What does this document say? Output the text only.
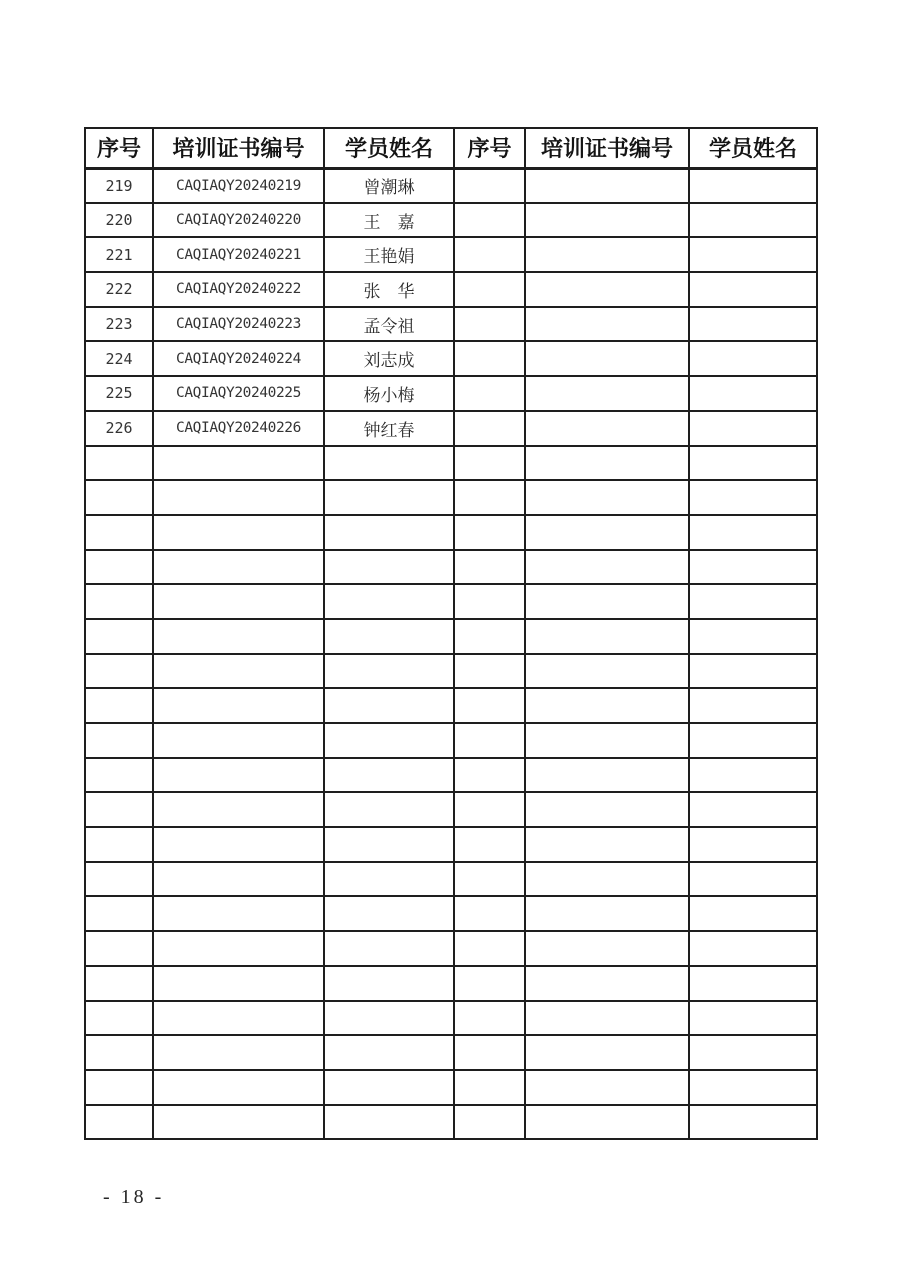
序号	培训证书编号	学员姓名	序号	培训证书编号	学员姓名
219	CAQIAQY20240219	曾潮琳			
220	CAQIAQY20240220	王　嘉			
221	CAQIAQY20240221	王艳娟			
222	CAQIAQY20240222	张　华			
223	CAQIAQY20240223	孟令祖			
224	CAQIAQY20240224	刘志成			
225	CAQIAQY20240225	杨小梅			
226	CAQIAQY20240226	钟红春			

- 18 -
